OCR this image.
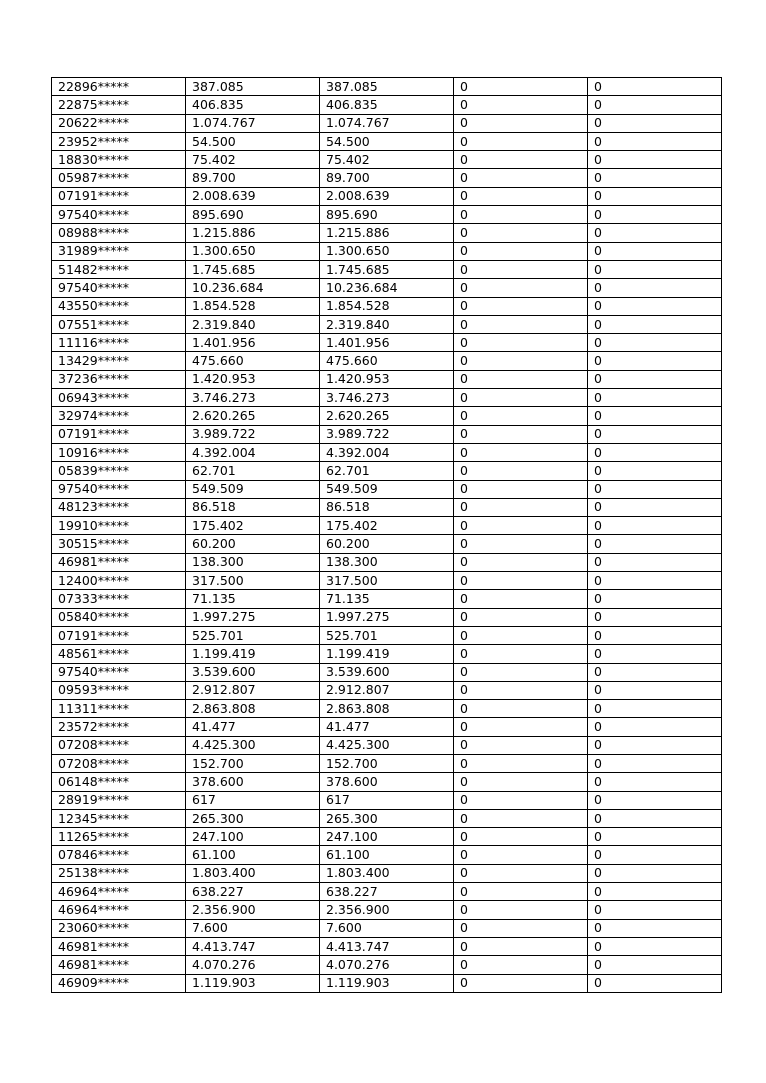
22896*****	387.085	387.085	0	0
22875*****	406.835	406.835	0	0
20622*****	1.074.767	1.074.767	0	0
23952*****	54.500	54.500	0	0
18830*****	75.402	75.402	0	0
05987*****	89.700	89.700	0	0
07191*****	2.008.639	2.008.639	0	0
97540*****	895.690	895.690	0	0
08988*****	1.215.886	1.215.886	0	0
31989*****	1.300.650	1.300.650	0	0
51482*****	1.745.685	1.745.685	0	0
97540*****	10.236.684	10.236.684	0	0
43550*****	1.854.528	1.854.528	0	0
07551*****	2.319.840	2.319.840	0	0
11116*****	1.401.956	1.401.956	0	0
13429*****	475.660	475.660	0	0
37236*****	1.420.953	1.420.953	0	0
06943*****	3.746.273	3.746.273	0	0
32974*****	2.620.265	2.620.265	0	0
07191*****	3.989.722	3.989.722	0	0
10916*****	4.392.004	4.392.004	0	0
05839*****	62.701	62.701	0	0
97540*****	549.509	549.509	0	0
48123*****	86.518	86.518	0	0
19910*****	175.402	175.402	0	0
30515*****	60.200	60.200	0	0
46981*****	138.300	138.300	0	0
12400*****	317.500	317.500	0	0
07333*****	71.135	71.135	0	0
05840*****	1.997.275	1.997.275	0	0
07191*****	525.701	525.701	0	0
48561*****	1.199.419	1.199.419	0	0
97540*****	3.539.600	3.539.600	0	0
09593*****	2.912.807	2.912.807	0	0
11311*****	2.863.808	2.863.808	0	0
23572*****	41.477	41.477	0	0
07208*****	4.425.300	4.425.300	0	0
07208*****	152.700	152.700	0	0
06148*****	378.600	378.600	0	0
28919*****	617	617	0	0
12345*****	265.300	265.300	0	0
11265*****	247.100	247.100	0	0
07846*****	61.100	61.100	0	0
25138*****	1.803.400	1.803.400	0	0
46964*****	638.227	638.227	0	0
46964*****	2.356.900	2.356.900	0	0
23060*****	7.600	7.600	0	0
46981*****	4.413.747	4.413.747	0	0
46981*****	4.070.276	4.070.276	0	0
46909*****	1.119.903	1.119.903	0	0
